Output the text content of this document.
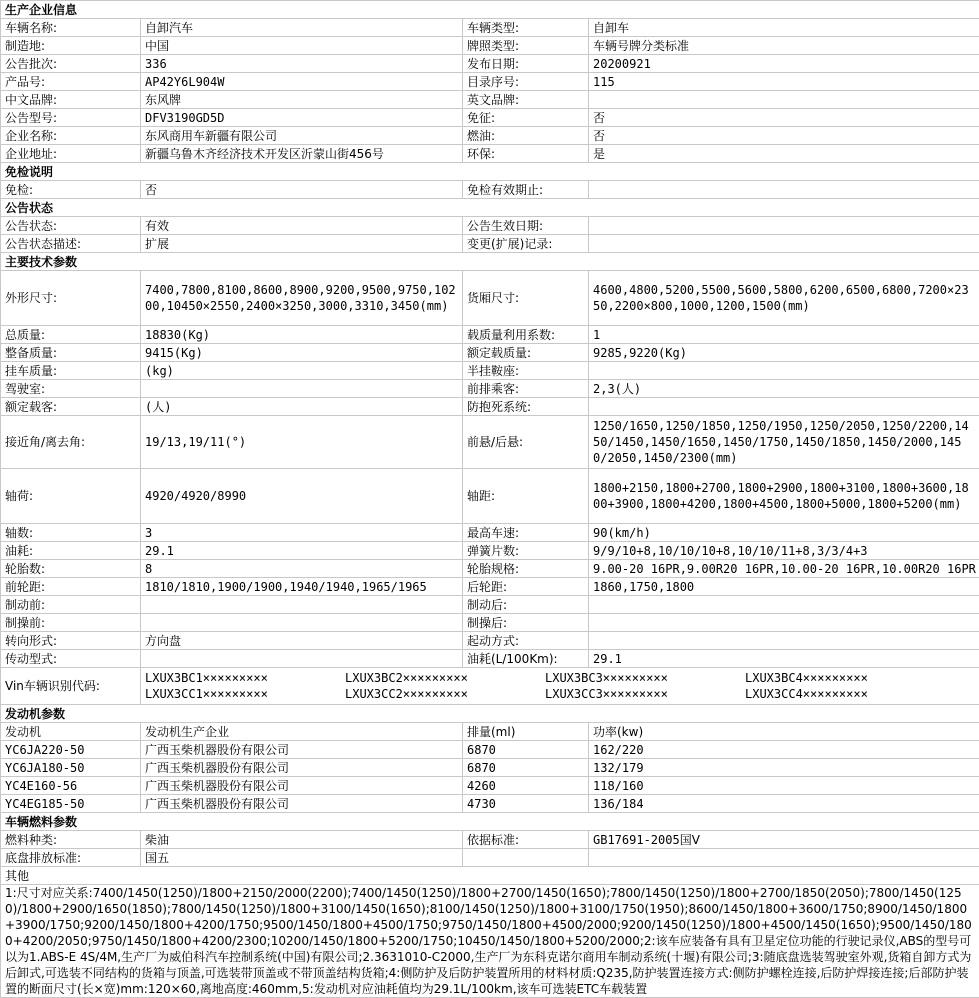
生产企业信息			
车辆名称:	自卸汽车	车辆类型:	自卸车
制造地:	中国	牌照类型:	车辆号牌分类标准
公告批次:	336	发布日期:	20200921
产品号:	AP42Y6L904W	目录序号:	115
中文品牌:	东风牌	英文品牌:	
公告型号:	DFV3190GD5D	免征:	否
企业名称:	东风商用车新疆有限公司	燃油:	否
企业地址:	新疆乌鲁木齐经济技术开发区沂蒙山街456号	环保:	是
免检说明			
免检:	否	免检有效期止:	
公告状态			
公告状态:	有效	公告生效日期:	
公告状态描述:	扩展	变更(扩展)记录:	
主要技术参数			
外形尺寸:	7400,7800,8100,8600,8900,9200,9500,9750,10200,10450×2550,2400×3250,3000,3310,3450(mm)	货厢尺寸:	4600,4800,5200,5500,5600,5800,6200,6500,6800,7200×2350,2200×800,1000,1200,1500(mm)
总质量:	18830(Kg)	载质量利用系数:	1
整备质量:	9415(Kg)	额定载质量:	9285,9220(Kg)
挂车质量:	(kg)	半挂鞍座:	
驾驶室:		前排乘客:	2,3(人)
额定载客:	(人)	防抱死系统:	
接近角/离去角:	19/13,19/11(°)	前悬/后悬:	1250/1650,1250/1850,1250/1950,1250/2050,1250/2200,1450/1450,1450/1650,1450/1750,1450/1850,1450/2000,1450/2050,1450/2300(mm)
轴荷:	4920/4920/8990	轴距:	1800+2150,1800+2700,1800+2900,1800+3100,1800+3600,1800+3900,1800+4200,1800+4500,1800+5000,1800+5200(mm)
轴数:	3	最高车速:	90(km/h)
油耗:	29.1	弹簧片数:	9/9/10+8,10/10/10+8,10/10/11+8,3/3/4+3
轮胎数:	8	轮胎规格:	9.00-20 16PR,9.00R20 16PR,10.00-20 16PR,10.00R20 16PR
前轮距:	1810/1810,1900/1900,1940/1940,1965/1965	后轮距:	1860,1750,1800
制动前:		制动后:	
制操前:		制操后:	
转向形式:	方向盘	起动方式:	
传动型式:		油耗(L/100Km):	29.1
Vin车辆识别代码:	LXUX3BC1××××××××× LXUX3BC2××××××××× LXUX3BC3××××××××× LXUX3BC4×××××××××
LXUX3CC1××××××××× LXUX3CC2××××××××× LXUX3CC3××××××××× LXUX3CC4×××××××××		

发动机参数			
发动机	发动机生产企业	排量(ml)	功率(kw)
YC6JA220-50	广西玉柴机器股份有限公司	6870	162/220
YC6JA180-50	广西玉柴机器股份有限公司	6870	132/179
YC4E160-56	广西玉柴机器股份有限公司	4260	118/160
YC4EG185-50	广西玉柴机器股份有限公司	4730	136/184
车辆燃料参数			
燃料种类:	柴油	依据标准:	GB17691-2005国Ⅴ
底盘排放标准:	国五		
其他			
1:尺寸对应关系:7400/1450(1250)/1800+2150/2000(2200);7400/1450(1250)/1800+2700/1450(1650);7800/1450(1250)/1800+2700/1850(2050);7800/1450(1250)/1800+2900/1650(1850);7800/1450(1250)/1800+3100/1450(1650);8100/1450(1250)/1800+3100/1750(1950);8600/1450/1800+3600/1750;8900/1450/1800+3900/1750;9200/1450/1800+4200/1750;9500/1450/1800+4500/1750;9750/1450/1800+4500/2000;9200/1450(1250)/1800+4500/1450(1650);9500/1450/1800+4200/2050;9750/1450/1800+4200/2300;10200/1450/1800+5200/1750;10450/1450/1800+5200/2000;2:该车应装备有具有卫星定位功能的行驶记录仪,ABS的型号可以为1.ABS-E 4S/4M,生产厂为威伯科汽车控制系统(中国)有限公司;2.3631010-C2000,生产厂为东科克诺尔商用车制动系统(十堰)有限公司;3:随底盘选装驾驶室外观,货箱自卸方式为后卸式,可选装不同结构的货箱与顶盖,可选装带顶盖或不带顶盖结构货箱;4:侧防护及后防护装置所用的材料材质:Q235,防护装置连接方式:侧防护螺栓连接,后防护焊接连接;后部防护装置的断面尺寸(长×宽)mm:120×60,离地高度:460mm,5:发动机对应油耗值均为29.1L/100km,该车可选装ETC车载装置			
